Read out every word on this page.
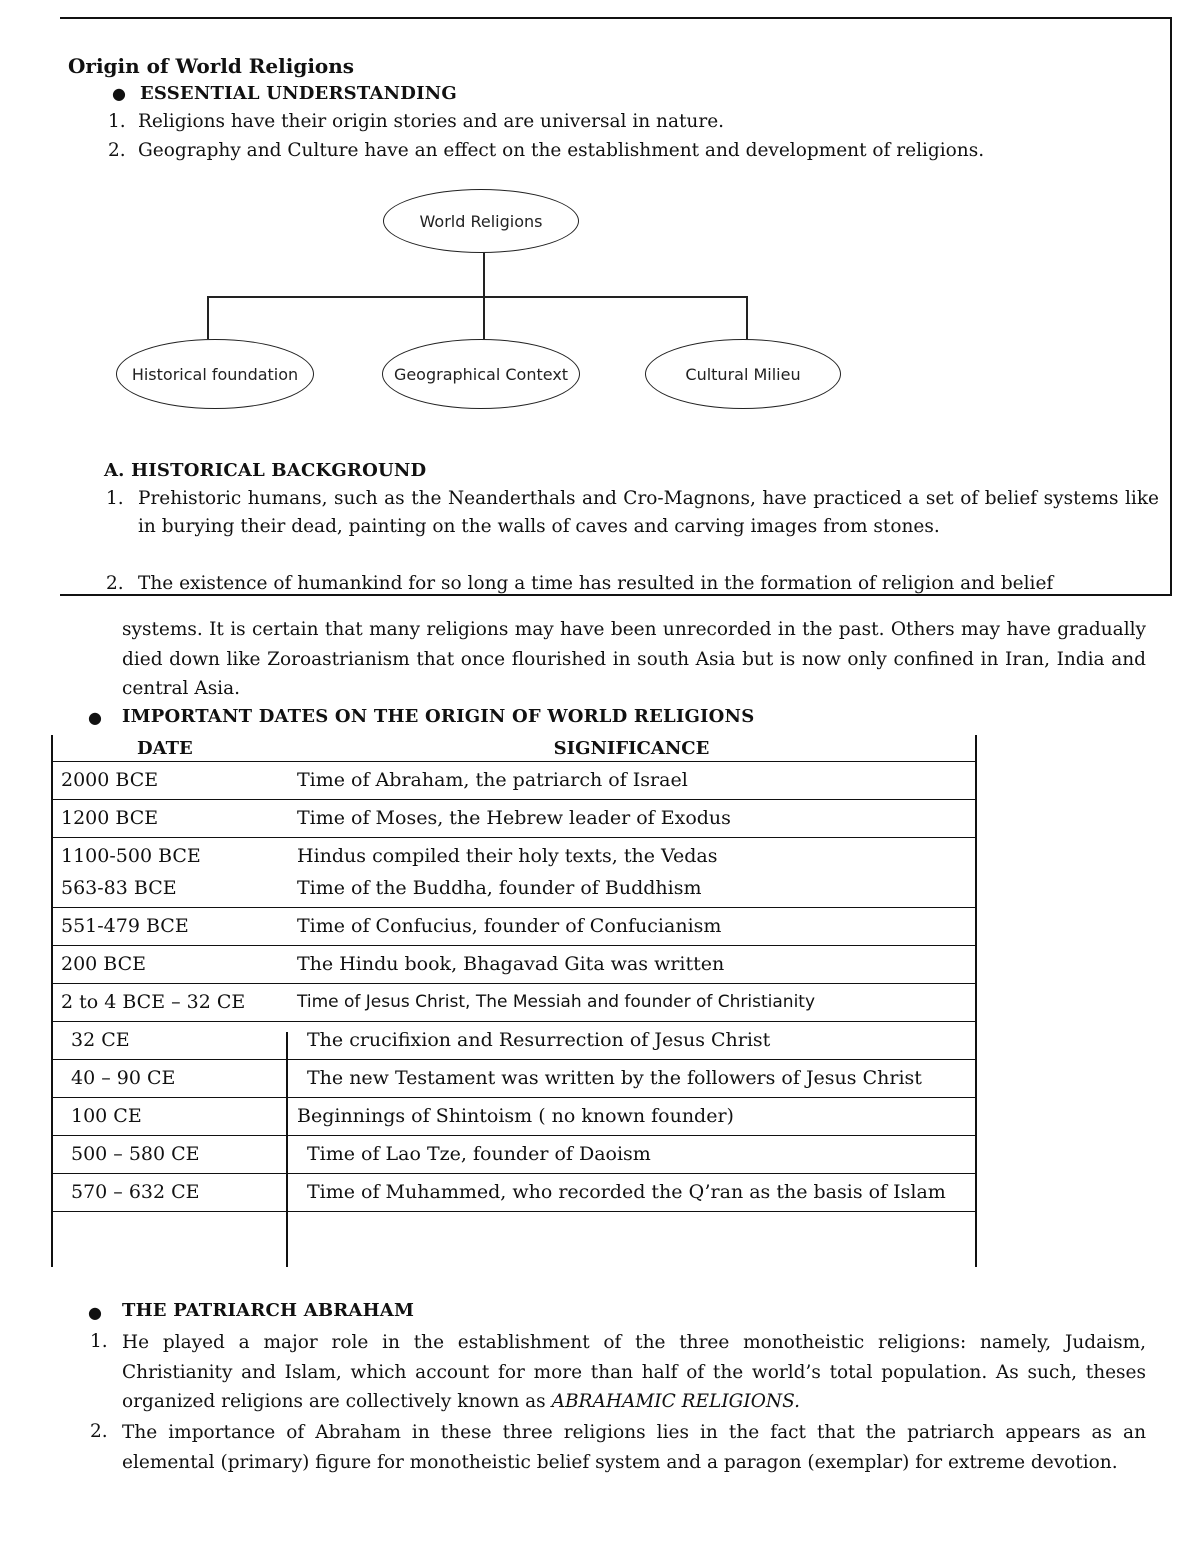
Origin of World Religions
● ESSENTIAL UNDERSTANDING
1. Religions have their origin stories and are universal in nature.
2. Geography and Culture have an effect on the establishment and development of religions.
World Religions
Historical foundation	Geographical Context	Cultural Milieu
A. HISTORICAL BACKGROUND
1. Prehistoric humans, such as the Neanderthals and Cro-Magnons, have practiced a set of belief systems like in burying their dead, painting on the walls of caves and carving images from stones.
2. The existence of humankind for so long a time has resulted in the formation of religion and belief
systems. It is certain that many religions may have been unrecorded in the past. Others may have gradually died down like Zoroastrianism that once flourished in south Asia but is now only confined in Iran, India and central Asia.
● IMPORTANT DATES ON THE ORIGIN OF WORLD RELIGIONS
DATE	SIGNIFICANCE
2000 BCE	Time of Abraham, the patriarch of Israel
1200 BCE	Time of Moses, the Hebrew leader of Exodus
1100-500 BCE	Hindus compiled their holy texts, the Vedas
563-83 BCE	Time of the Buddha, founder of Buddhism
551-479 BCE	Time of Confucius, founder of Confucianism
200 BCE	The Hindu book, Bhagavad Gita was written
2 to 4 BCE – 32 CE	Time of Jesus Christ, The Messiah and founder of Christianity
32 CE	The crucifixion and Resurrection of Jesus Christ
40 – 90 CE	The new Testament was written by the followers of Jesus Christ
100 CE	Beginnings of Shintoism ( no known founder)
500 – 580 CE	Time of Lao Tze, founder of Daoism
570 – 632 CE	Time of Muhammed, who recorded the Q’ran as the basis of Islam
● THE PATRIARCH ABRAHAM
1. He played a major role in the establishment of the three monotheistic religions: namely, Judaism, Christianity and Islam, which account for more than half of the world’s total population. As such, theses organized religions are collectively known as ABRAHAMIC RELIGIONS.
2. The importance of Abraham in these three religions lies in the fact that the patriarch appears as an elemental (primary) figure for monotheistic belief system and a paragon (exemplar) for extreme devotion.
